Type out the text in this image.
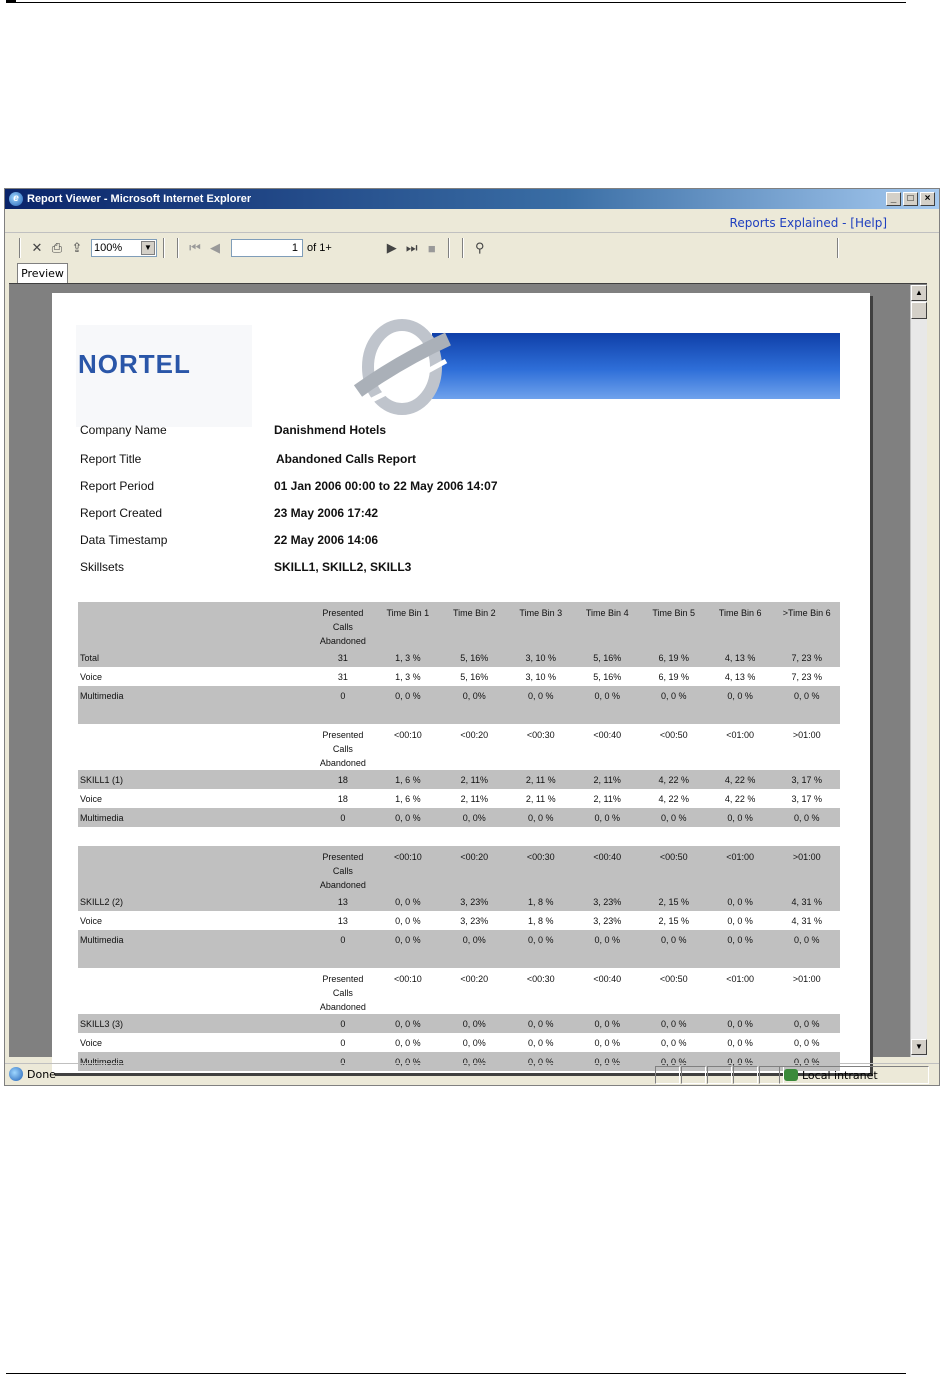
e Report Viewer - Microsoft Internet Explorer	_	□	×
Reports Explained - [Help]
✕ ⎙ ⇪ 100%	▼	⏮ ◀	1 of 1+	▶ ⏭ ■	⚲
Preview
NORTEL
Company Name	Danishmend Hotels
Report Title	Abandoned Calls Report
Report Period	01 Jan 2006 00:00 to 22 May 2006 14:07
Report Created	23 May 2006 17:42
Data Timestamp	22 May 2006 14:06
Skillsets	SKILL1, SKILL2, SKILL3
	Presented Calls Abandoned	Time Bin 1	Time Bin 2	Time Bin 3	Time Bin 4	Time Bin 5	Time Bin 6	>Time Bin 6
Total	31	1, 3 %	5, 16%	3, 10 %	5, 16%	6, 19 %	4, 13 %	7, 23 %
Voice	31	1, 3 %	5, 16%	3, 10 %	5, 16%	6, 19 %	4, 13 %	7, 23 %
Multimedia	0	0, 0 %	0, 0%	0, 0 %	0, 0 %	0, 0 %	0, 0 %	0, 0 %

	Presented Calls Abandoned	<00:10	<00:20	<00:30	<00:40	<00:50	<01:00	>01:00
SKILL1 (1)	18	1, 6 %	2, 11%	2, 11 %	2, 11%	4, 22 %	4, 22 %	3, 17 %
Voice	18	1, 6 %	2, 11%	2, 11 %	2, 11%	4, 22 %	4, 22 %	3, 17 %
Multimedia	0	0, 0 %	0, 0%	0, 0 %	0, 0 %	0, 0 %	0, 0 %	0, 0 %

	Presented Calls Abandoned	<00:10	<00:20	<00:30	<00:40	<00:50	<01:00	>01:00
SKILL2 (2)	13	0, 0 %	3, 23%	1, 8 %	3, 23%	2, 15 %	0, 0 %	4, 31 %
Voice	13	0, 0 %	3, 23%	1, 8 %	3, 23%	2, 15 %	0, 0 %	4, 31 %
Multimedia	0	0, 0 %	0, 0%	0, 0 %	0, 0 %	0, 0 %	0, 0 %	0, 0 %

	Presented Calls Abandoned	<00:10	<00:20	<00:30	<00:40	<00:50	<01:00	>01:00
SKILL3 (3)	0	0, 0 %	0, 0%	0, 0 %	0, 0 %	0, 0 %	0, 0 %	0, 0 %
Voice	0	0, 0 %	0, 0%	0, 0 %	0, 0 %	0, 0 %	0, 0 %	0, 0 %
Multimedia	0	0, 0 %	0, 0%	0, 0 %	0, 0 %	0, 0 %	0, 0 %	0, 0 %
▲
▼
Done	Local intranet
